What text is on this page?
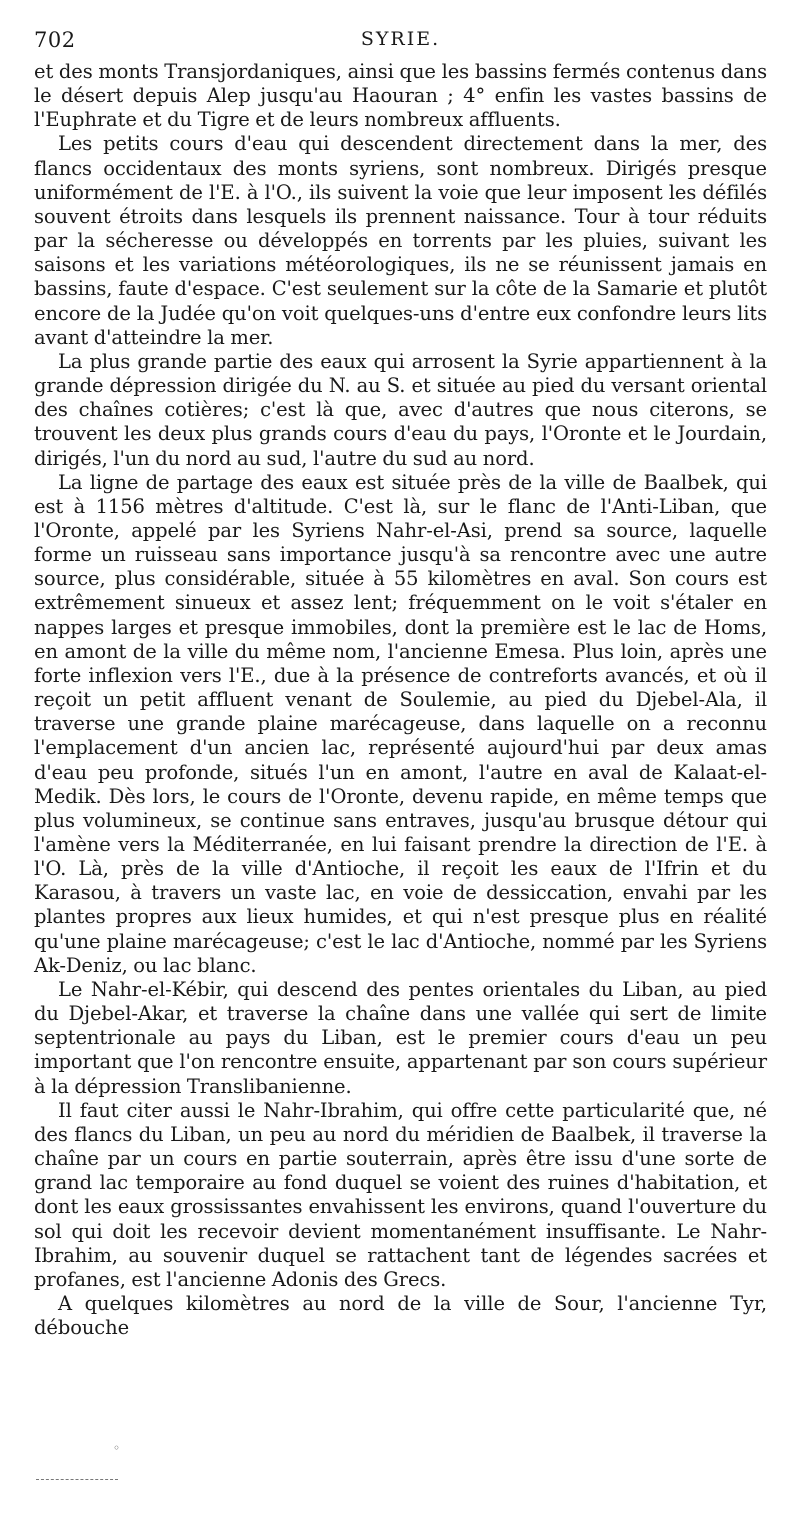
702	SYRIE.

et des monts Transjordaniques, ainsi que les bassins fermés contenus dans le désert depuis Alep jusqu'au Haouran ; 4° enfin les vastes bassins de l'Euphrate et du Tigre et de leurs nombreux affluents.

Les petits cours d'eau qui descendent directement dans la mer, des flancs occidentaux des monts syriens, sont nombreux. Dirigés presque uniformément de l'E. à l'O., ils suivent la voie que leur imposent les défilés souvent étroits dans lesquels ils prennent naissance. Tour à tour réduits par la sécheresse ou développés en torrents par les pluies, suivant les saisons et les variations météorologiques, ils ne se réunissent jamais en bassins, faute d'espace. C'est seulement sur la côte de la Samarie et plutôt encore de la Judée qu'on voit quelques-uns d'entre eux confondre leurs lits avant d'atteindre la mer.

La plus grande partie des eaux qui arrosent la Syrie appartiennent à la grande dépression dirigée du N. au S. et située au pied du versant oriental des chaînes cotières; c'est là que, avec d'autres que nous citerons, se trouvent les deux plus grands cours d'eau du pays, l'Oronte et le Jourdain, dirigés, l'un du nord au sud, l'autre du sud au nord.

La ligne de partage des eaux est située près de la ville de Baalbek, qui est à 1156 mètres d'altitude. C'est là, sur le flanc de l'Anti-Liban, que l'Oronte, appelé par les Syriens Nahr-el-Asi, prend sa source, laquelle forme un ruisseau sans importance jusqu'à sa rencontre avec une autre source, plus considérable, située à 55 kilomètres en aval. Son cours est extrêmement sinueux et assez lent; fréquemment on le voit s'étaler en nappes larges et presque immobiles, dont la première est le lac de Homs, en amont de la ville du même nom, l'ancienne Emesa. Plus loin, après une forte inflexion vers l'E., due à la présence de contreforts avancés, et où il reçoit un petit affluent venant de Soulemie, au pied du Djebel-Ala, il traverse une grande plaine marécageuse, dans laquelle on a reconnu l'emplacement d'un ancien lac, représenté aujourd'hui par deux amas d'eau peu profonde, situés l'un en amont, l'autre en aval de Kalaat-el-Medik. Dès lors, le cours de l'Oronte, devenu rapide, en même temps que plus volumineux, se continue sans entraves, jusqu'au brusque détour qui l'amène vers la Méditerranée, en lui faisant prendre la direction de l'E. à l'O. Là, près de la ville d'Antioche, il reçoit les eaux de l'Ifrin et du Karasou, à travers un vaste lac, en voie de dessiccation, envahi par les plantes propres aux lieux humides, et qui n'est presque plus en réalité qu'une plaine marécageuse; c'est le lac d'Antioche, nommé par les Syriens Ak-Deniz, ou lac blanc.

Le Nahr-el-Kébir, qui descend des pentes orientales du Liban, au pied du Djebel-Akar, et traverse la chaîne dans une vallée qui sert de limite septentrionale au pays du Liban, est le premier cours d'eau un peu important que l'on rencontre ensuite, appartenant par son cours supérieur à la dépression Translibanienne.

Il faut citer aussi le Nahr-Ibrahim, qui offre cette particularité que, né des flancs du Liban, un peu au nord du méridien de Baalbek, il traverse la chaîne par un cours en partie souterrain, après être issu d'une sorte de grand lac temporaire au fond duquel se voient des ruines d'habitation, et dont les eaux grossissantes envahissent les environs, quand l'ouverture du sol qui doit les recevoir devient momentanément insuffisante. Le Nahr-Ibrahim, au souvenir duquel se rattachent tant de légendes sacrées et profanes, est l'ancienne Adonis des Grecs.

A quelques kilomètres au nord de la ville de Sour, l'ancienne Tyr, débouche

◦
